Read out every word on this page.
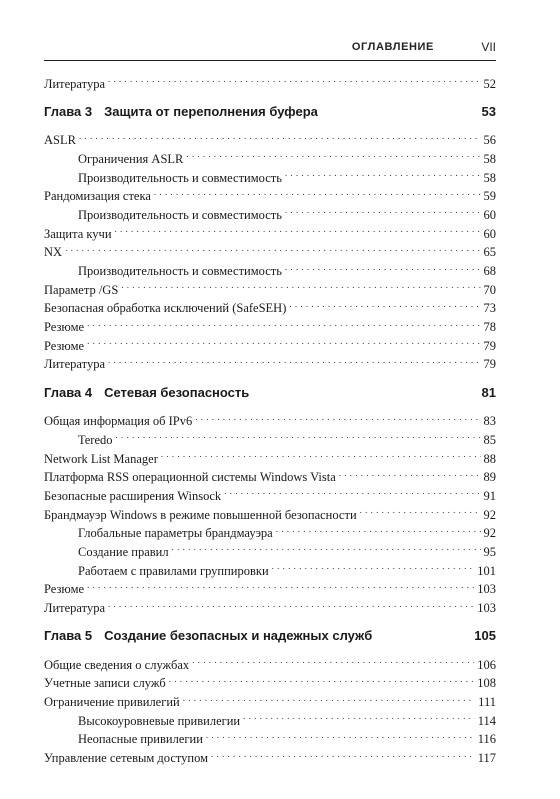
ОГЛАВЛЕНИЕ	VII
Литература . . .	52
Глава 3 Защита от переполнения буфера	53
ASLR . . .	56
Ограничения ASLR . . .	58
Производительность и совместимость . . .	58
Рандомизация стека . . .	59
Производительность и совместимость . . .	60
Защита кучи . . .	60
NX . . .	65
Производительность и совместимость . . .	68
Параметр /GS . . .	70
Безопасная обработка исключений (SafeSEH) . . .	73
Резюме . . .	78
Резюме . . .	79
Литература . . .	79
Глава 4 Сетевая безопасность	81
Общая информация об IPv6 . . .	83
Teredo . . .	85
Network List Manager . . .	88
Платформа RSS операционной системы Windows Vista . . .	89
Безопасные расширения Winsock . . .	91
Брандмауэр Windows в режиме повышенной безопасности . . .	92
Глобальные параметры брандмауэра . . .	92
Создание правил . . .	95
Работаем с правилами группировки . . .	101
Резюме . . .	103
Литература . . .	103
Глава 5 Создание безопасных и надежных служб	105
Общие сведения о службах . . .	106
Учетные записи служб . . .	108
Ограничение привилегий . . .	111
Высокоуровневые привилегии . . .	114
Неопасные привилегии . . .	116
Управление сетевым доступом . . .	117
